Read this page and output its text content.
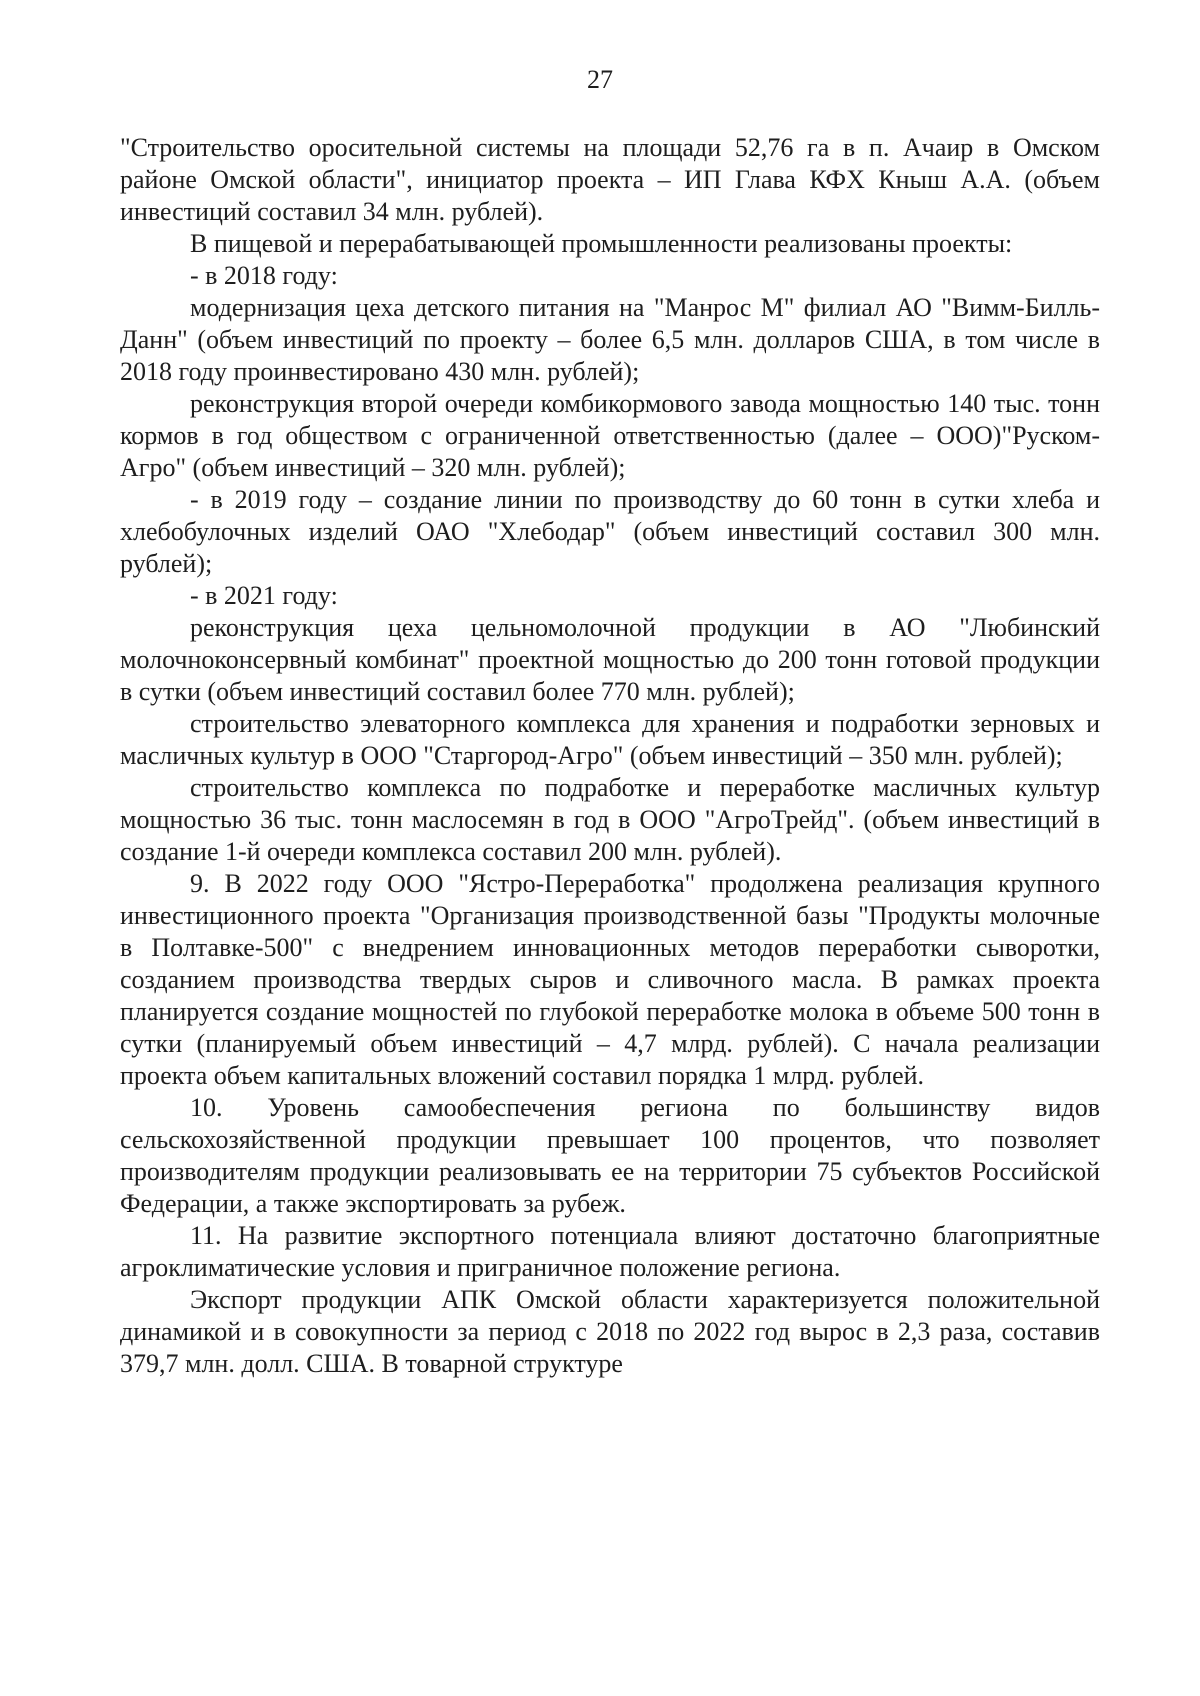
27

"Строительство оросительной системы на площади 52,76 га в п. Ачаир в Омском районе Омской области", инициатор проекта – ИП Глава КФХ Кныш А.А. (объем инвестиций составил 34 млн. рублей).

В пищевой и перерабатывающей промышленности реализованы проекты:

- в 2018 году:

модернизация цеха детского питания на "Манрос М" филиал АО "Вимм-Билль-Данн" (объем инвестиций по проекту – более 6,5 млн. долларов США, в том числе в 2018 году проинвестировано 430 млн. рублей);

реконструкция второй очереди комбикормового завода мощностью 140 тыс. тонн кормов в год обществом с ограниченной ответственностью (далее – ООО)"Руском-Агро" (объем инвестиций – 320 млн. рублей);

- в 2019 году – создание линии по производству до 60 тонн в сутки хлеба и хлебобулочных изделий ОАО "Хлебодар" (объем инвестиций составил 300 млн. рублей);

- в 2021 году:

реконструкция цеха цельномолочной продукции в АО "Любинский молочноконсервный комбинат" проектной мощностью до 200 тонн готовой продукции в сутки (объем инвестиций составил более 770 млн. рублей);

строительство элеваторного комплекса для хранения и подработки зерновых и масличных культур в ООО "Старгород-Агро" (объем инвестиций – 350 млн. рублей);

строительство комплекса по подработке и переработке масличных культур мощностью 36 тыс. тонн маслосемян в год в ООО "АгроТрейд". (объем инвестиций в создание 1-й очереди комплекса составил 200 млн. рублей).

9. В 2022 году ООО "Ястро-Переработка" продолжена реализация крупного инвестиционного проекта "Организация производственной базы "Продукты молочные в Полтавке-500" с внедрением инновационных методов переработки сыворотки, созданием производства твердых сыров и сливочного масла. В рамках проекта планируется создание мощностей по глубокой переработке молока в объеме 500 тонн в сутки (планируемый объем инвестиций – 4,7 млрд. рублей). С начала реализации проекта объем капитальных вложений составил порядка 1 млрд. рублей.

10. Уровень самообеспечения региона по большинству видов сельскохозяйственной продукции превышает 100 процентов, что позволяет производителям продукции реализовывать ее на территории 75 субъектов Российской Федерации, а также экспортировать за рубеж.

11. На развитие экспортного потенциала влияют достаточно благоприятные агроклиматические условия и приграничное положение региона.

Экспорт продукции АПК Омской области характеризуется положительной динамикой и в совокупности за период с 2018 по 2022 год вырос в 2,3 раза, составив 379,7 млн. долл. США. В товарной структуре
